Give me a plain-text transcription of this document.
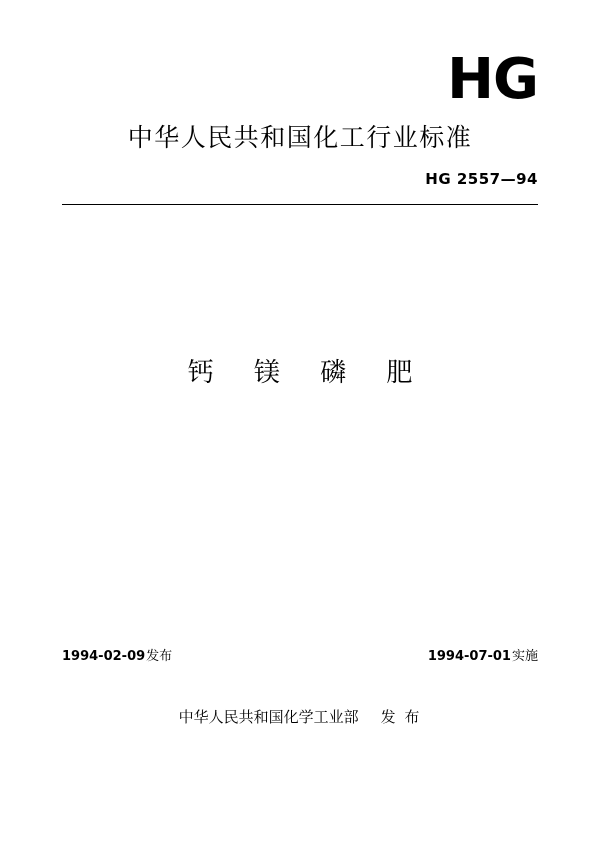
HG
中华人民共和国化工行业标准
HG 2557—94
钙 镁 磷 肥
1994-02-09发布	1994-07-01实施
中华人民共和国化学工业部 发 布
